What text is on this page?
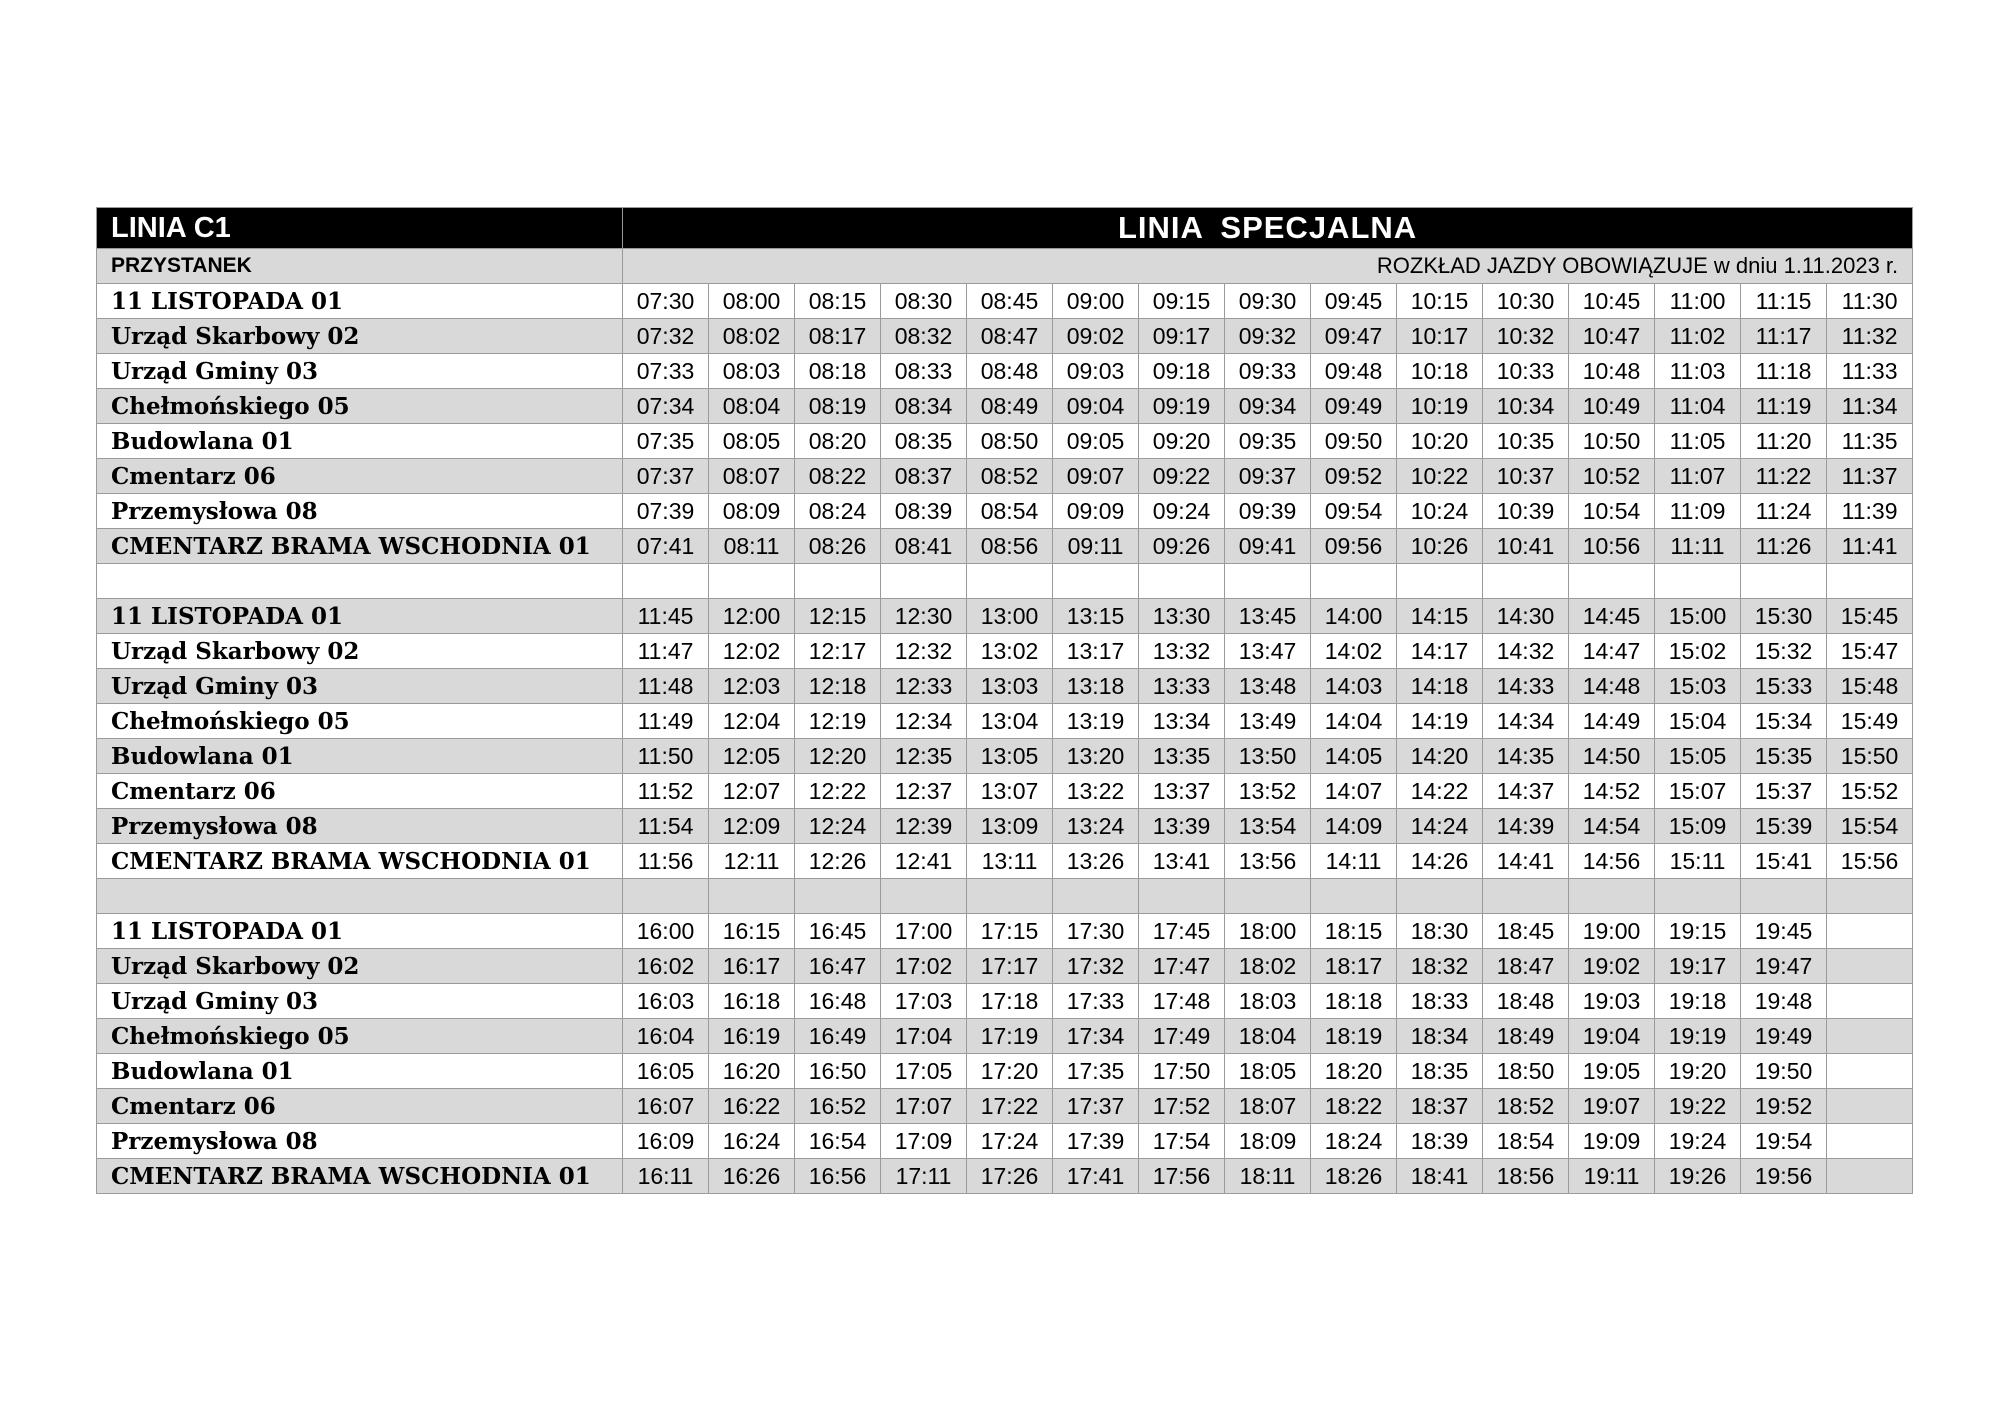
LINIA C1	LINIA SPECJALNA														
PRZYSTANEK	ROZKŁAD JAZDY OBOWIĄZUJE w dniu 1.11.2023 r.														
11 LISTOPADA 01	07:30	08:00	08:15	08:30	08:45	09:00	09:15	09:30	09:45	10:15	10:30	10:45	11:00	11:15	11:30
Urząd Skarbowy 02	07:32	08:02	08:17	08:32	08:47	09:02	09:17	09:32	09:47	10:17	10:32	10:47	11:02	11:17	11:32
Urząd Gminy 03	07:33	08:03	08:18	08:33	08:48	09:03	09:18	09:33	09:48	10:18	10:33	10:48	11:03	11:18	11:33
Chełmońskiego 05	07:34	08:04	08:19	08:34	08:49	09:04	09:19	09:34	09:49	10:19	10:34	10:49	11:04	11:19	11:34
Budowlana 01	07:35	08:05	08:20	08:35	08:50	09:05	09:20	09:35	09:50	10:20	10:35	10:50	11:05	11:20	11:35
Cmentarz 06	07:37	08:07	08:22	08:37	08:52	09:07	09:22	09:37	09:52	10:22	10:37	10:52	11:07	11:22	11:37
Przemysłowa 08	07:39	08:09	08:24	08:39	08:54	09:09	09:24	09:39	09:54	10:24	10:39	10:54	11:09	11:24	11:39
CMENTARZ BRAMA WSCHODNIA 01	07:41	08:11	08:26	08:41	08:56	09:11	09:26	09:41	09:56	10:26	10:41	10:56	11:11	11:26	11:41

11 LISTOPADA 01	11:45	12:00	12:15	12:30	13:00	13:15	13:30	13:45	14:00	14:15	14:30	14:45	15:00	15:30	15:45
Urząd Skarbowy 02	11:47	12:02	12:17	12:32	13:02	13:17	13:32	13:47	14:02	14:17	14:32	14:47	15:02	15:32	15:47
Urząd Gminy 03	11:48	12:03	12:18	12:33	13:03	13:18	13:33	13:48	14:03	14:18	14:33	14:48	15:03	15:33	15:48
Chełmońskiego 05	11:49	12:04	12:19	12:34	13:04	13:19	13:34	13:49	14:04	14:19	14:34	14:49	15:04	15:34	15:49
Budowlana 01	11:50	12:05	12:20	12:35	13:05	13:20	13:35	13:50	14:05	14:20	14:35	14:50	15:05	15:35	15:50
Cmentarz 06	11:52	12:07	12:22	12:37	13:07	13:22	13:37	13:52	14:07	14:22	14:37	14:52	15:07	15:37	15:52
Przemysłowa 08	11:54	12:09	12:24	12:39	13:09	13:24	13:39	13:54	14:09	14:24	14:39	14:54	15:09	15:39	15:54
CMENTARZ BRAMA WSCHODNIA 01	11:56	12:11	12:26	12:41	13:11	13:26	13:41	13:56	14:11	14:26	14:41	14:56	15:11	15:41	15:56

11 LISTOPADA 01	16:00	16:15	16:45	17:00	17:15	17:30	17:45	18:00	18:15	18:30	18:45	19:00	19:15	19:45	
Urząd Skarbowy 02	16:02	16:17	16:47	17:02	17:17	17:32	17:47	18:02	18:17	18:32	18:47	19:02	19:17	19:47	
Urząd Gminy 03	16:03	16:18	16:48	17:03	17:18	17:33	17:48	18:03	18:18	18:33	18:48	19:03	19:18	19:48	
Chełmońskiego 05	16:04	16:19	16:49	17:04	17:19	17:34	17:49	18:04	18:19	18:34	18:49	19:04	19:19	19:49	
Budowlana 01	16:05	16:20	16:50	17:05	17:20	17:35	17:50	18:05	18:20	18:35	18:50	19:05	19:20	19:50	
Cmentarz 06	16:07	16:22	16:52	17:07	17:22	17:37	17:52	18:07	18:22	18:37	18:52	19:07	19:22	19:52	
Przemysłowa 08	16:09	16:24	16:54	17:09	17:24	17:39	17:54	18:09	18:24	18:39	18:54	19:09	19:24	19:54	
CMENTARZ BRAMA WSCHODNIA 01	16:11	16:26	16:56	17:11	17:26	17:41	17:56	18:11	18:26	18:41	18:56	19:11	19:26	19:56	
